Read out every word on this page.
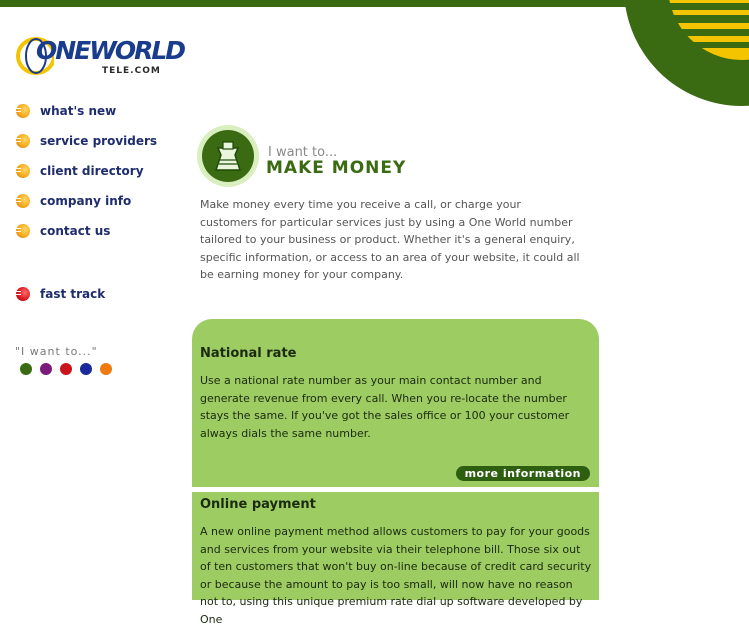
ONEWORLD
TELE.COM
what's new
service providers
client directory
company info
contact us
fast track
"I want to..."
I want to...
MAKE MONEY

Make money every time you receive a call, or charge your customers for particular services just by using a One World number tailored to your business or product. Whether it's a general enquiry, specific information, or access to an area of your website, it could all be earning money for your company.

National rate

Use a national rate number as your main contact number and generate revenue from every call. When you re-locate the number stays the same. If you've got the sales office or 100 your customer always dials the same number.

more information
Online payment

A new online payment method allows customers to pay for your goods and services from your website via their telephone bill. Those six out of ten customers that won't buy on-line because of credit card security or because the amount to pay is too small, will now have no reason not to, using this unique premium rate dial up software developed by One
